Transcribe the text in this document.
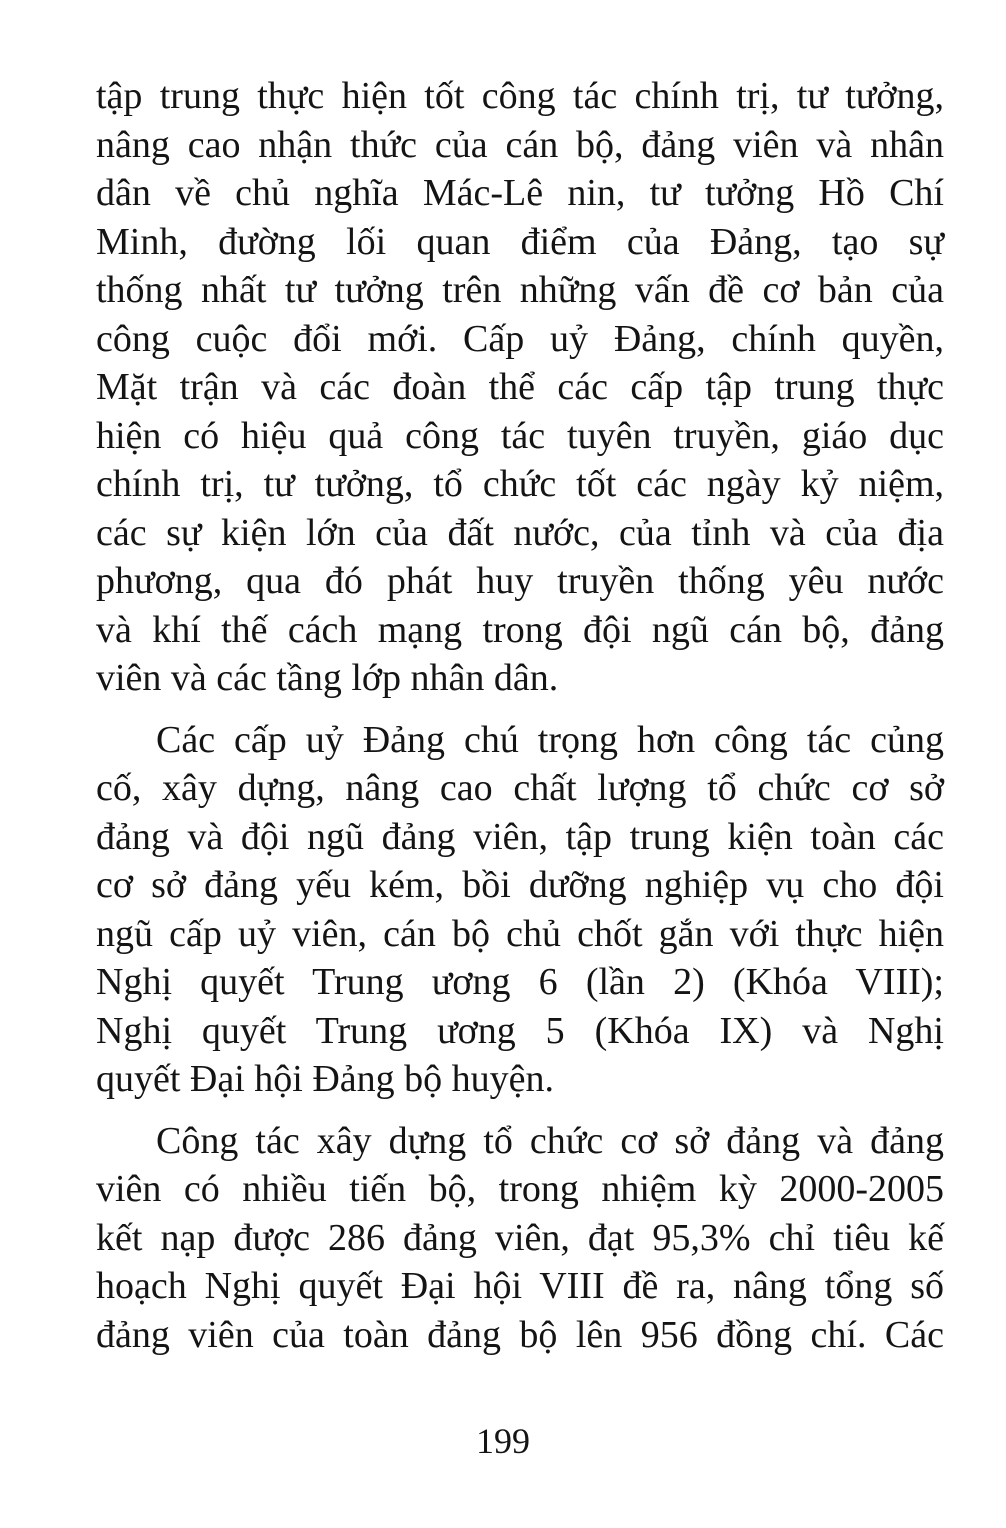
tập trung thực hiện tốt công tác chính trị, tư tưởng,
nâng cao nhận thức của cán bộ, đảng viên và nhân
dân về chủ nghĩa Mác-Lê nin, tư tưởng Hồ Chí
Minh, đường lối quan điểm của Đảng, tạo sự
thống nhất tư tưởng trên những vấn đề cơ bản của
công cuộc đổi mới. Cấp uỷ Đảng, chính quyền,
Mặt trận và các đoàn thể các cấp tập trung thực
hiện có hiệu quả công tác tuyên truyền, giáo dục
chính trị, tư tưởng, tổ chức tốt các ngày kỷ niệm,
các sự kiện lớn của đất nước, của tỉnh và của địa
phương, qua đó phát huy truyền thống yêu nước
và khí thế cách mạng trong đội ngũ cán bộ, đảng
viên và các tầng lớp nhân dân.
Các cấp uỷ Đảng chú trọng hơn công tác củng
cố, xây dựng, nâng cao chất lượng tổ chức cơ sở
đảng và đội ngũ đảng viên, tập trung kiện toàn các
cơ sở đảng yếu kém, bồi dưỡng nghiệp vụ cho đội
ngũ cấp uỷ viên, cán bộ chủ chốt gắn với thực hiện
Nghị quyết Trung ương 6 (lần 2) (Khóa VIII);
Nghị quyết Trung ương 5 (Khóa IX) và Nghị
quyết Đại hội Đảng bộ huyện.
Công tác xây dựng tổ chức cơ sở đảng và đảng
viên có nhiều tiến bộ, trong nhiệm kỳ 2000-2005
kết nạp được 286 đảng viên, đạt 95,3% chỉ tiêu kế
hoạch Nghị quyết Đại hội VIII đề ra, nâng tổng số
đảng viên của toàn đảng bộ lên 956 đồng chí. Các
199
